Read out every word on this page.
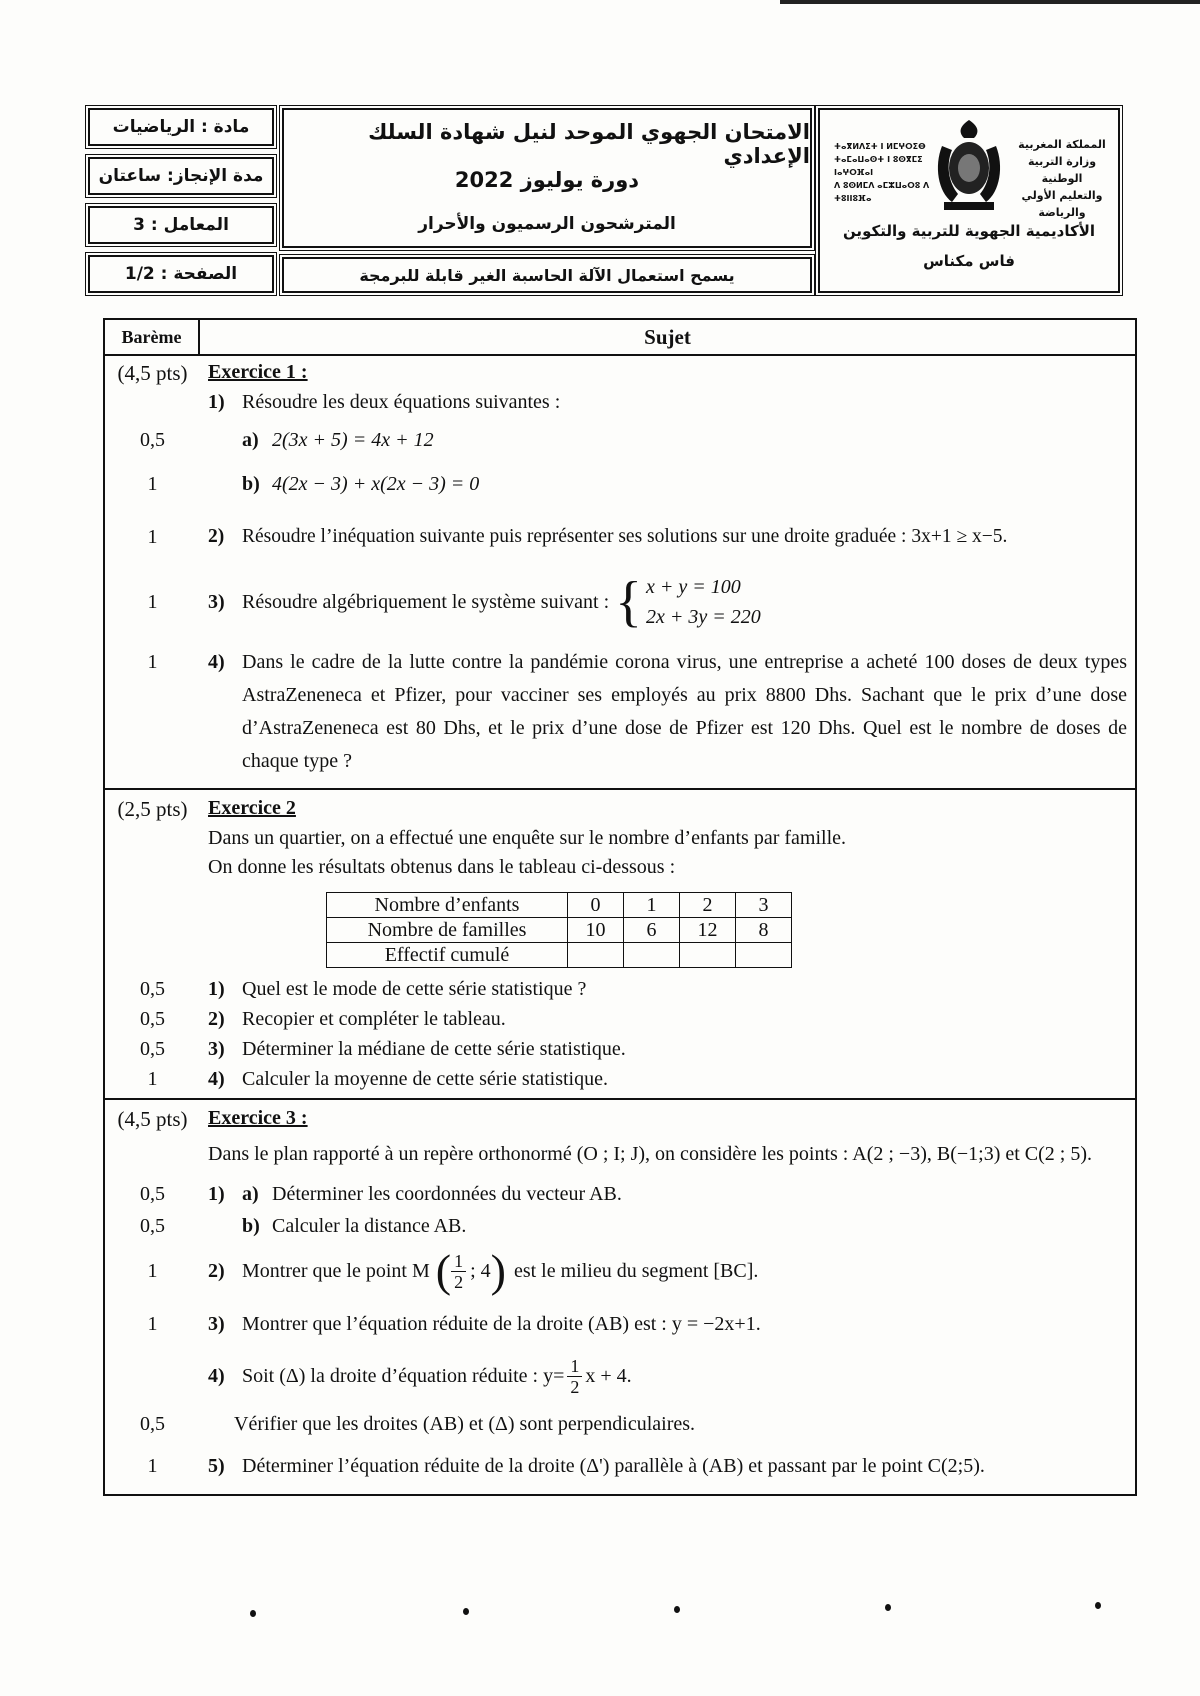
مادة : الرياضيات
مدة الإنجاز: ساعتان
المعامل : 3
الصفحة : 1/2
الامتحان الجهوي الموحد لنيل شهادة السلك الإعدادي
دورة يوليوز 2022
المترشحون الرسميون والأحرار
يسمح استعمال الآلة الحاسبة الغير قابلة للبرمجة
ⵜⴰⴳⵍⴷⵉⵜ ⵏ ⵍⵎⵖⵔⵉⴱ
ⵜⴰⵎⴰⵡⴰⵙⵜ ⵏ ⵓⵙⴳⵎⵉ ⵏⴰⵖⵔⴼⴰⵏ
ⴷ ⵓⵙⵍⵎⴷ ⴰⵎⵣⵡⴰⵔⵓ ⴷ ⵜⵓⵏⵏⵓⴼⴰ
المملكة المغربية
وزارة التربية الوطنية
والتعليم الأولي والرياضة
الأكاديمية الجهوية للتربية والتكوين
فاس مكناس
Barème	Sujet

(4,5 pts)	Exercice 1 :
1) Résoudre les deux équations suivantes :
0,5	a) 2(3x + 5) = 4x + 12
1	b) 4(2x − 3) + x(2x − 3) = 0
1	2) Résoudre l’inéquation suivante puis représenter ses solutions sur une droite graduée : 3x+1 ≥ x−5.
1	3) Résoudre algébriquement le système suivant : { x + y = 100
2x + 3y = 220
1	4) Dans le cadre de la lutte contre la pandémie corona virus, une entreprise a acheté 100 doses de deux types AstraZeneneca et Pfizer, pour vacciner ses employés au prix 8800 Dhs. Sachant que le prix d’une dose d’AstraZeneneca est 80 Dhs, et le prix d’une dose de Pfizer est 120 Dhs. Quel est le nombre de doses de chaque type ?

(2,5 pts)	Exercice 2
Dans un quartier, on a effectué une enquête sur le nombre d’enfants par famille.
On donne les résultats obtenus dans le tableau ci-dessous :
Nombre d’enfants	0	1	2	3
Nombre de familles	10	6	12	8
Effectif cumulé				
0,5	1) Quel est le mode de cette série statistique ?
0,5	2) Recopier et compléter le tableau.
0,5	3) Déterminer la médiane de cette série statistique.
1	4) Calculer la moyenne de cette série statistique.

(4,5 pts)	Exercice 3 :
Dans le plan rapporté à un repère orthonormé (O ; I; J), on considère les points : A(2 ; −3), B(−1;3) et C(2 ; 5).
0,5	1) a) Déterminer les coordonnées du vecteur AB.
0,5	b) Calculer la distance AB.
1	2) Montrer que le point M ( 1
2 ; 4 ) est le milieu du segment [BC].
1	3) Montrer que l’équation réduite de la droite (AB) est : y = −2x+1.
4) Soit (Δ) la droite d’équation réduite : $y= \frac{1}{2}$ x + 4.
0,5	Vérifier que les droites (AB) et (Δ) sont perpendiculaires.
1	5) Déterminer l’équation réduite de la droite (Δ') parallèle à (AB) et passant par le point C(2;5).
